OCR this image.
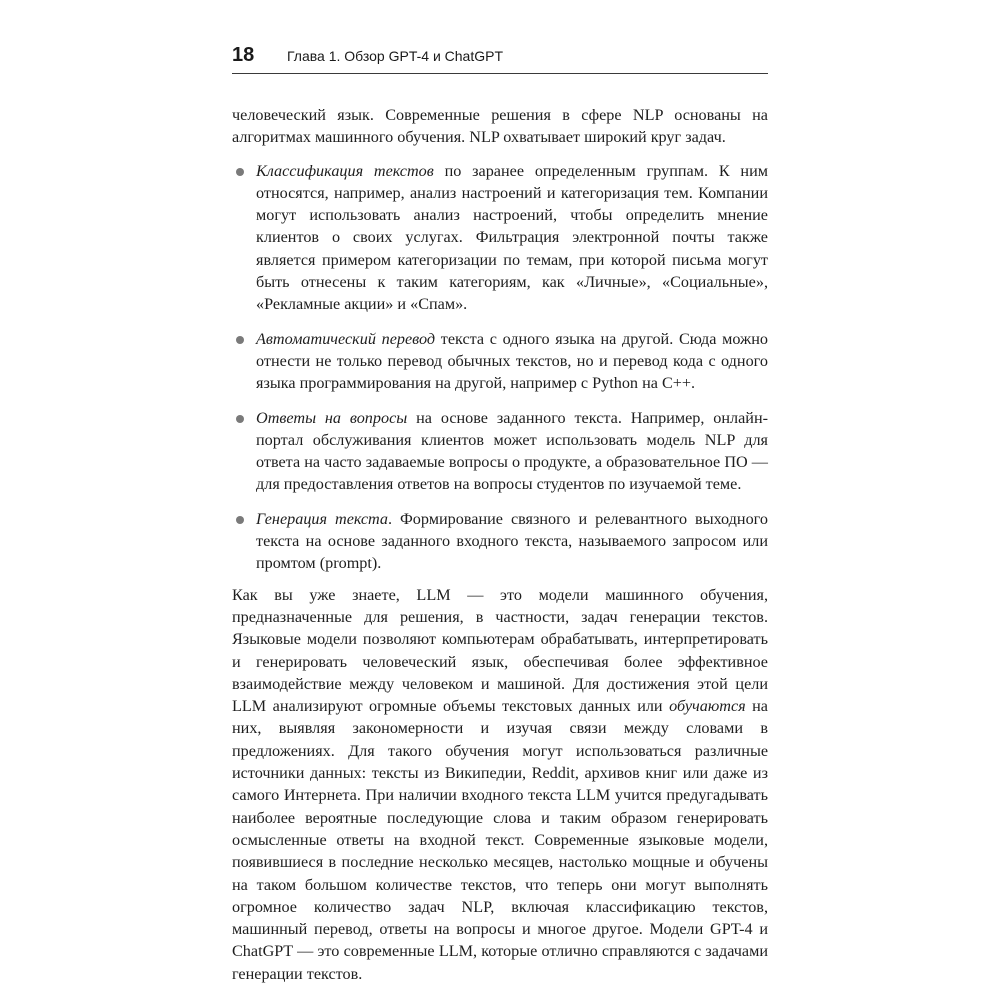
18 Глава 1. Обзор GPT-4 и ChatGPT

человеческий язык. Современные решения в сфере NLP основаны на алгоритмах машинного обучения. NLP охватывает широкий круг задач.

Классификация текстов по заранее определенным группам. К ним относятся, например, анализ настроений и категоризация тем. Компании могут использовать анализ настроений, чтобы определить мнение клиентов о своих услугах. Фильтрация электронной почты также является примером категоризации по темам, при которой письма могут быть отнесены к таким категориям, как «Личные», «Социальные», «Рекламные акции» и «Спам».
Автоматический перевод текста с одного языка на другой. Сюда можно отнести не только перевод обычных текстов, но и перевод кода с одного языка программирования на другой, например с Python на C++.
Ответы на вопросы на основе заданного текста. Например, онлайн-портал обслуживания клиентов может использовать модель NLP для ответа на часто задаваемые вопросы о продукте, а образовательное ПО — для предоставления ответов на вопросы студентов по изучаемой теме.
Генерация текста. Формирование связного и релевантного выходного текста на основе заданного входного текста, называемого запросом или промтом (prompt).

Как вы уже знаете, LLM — это модели машинного обучения, предназначенные для решения, в частности, задач генерации текстов. Языковые модели позволяют компьютерам обрабатывать, интерпретировать и генерировать человеческий язык, обеспечивая более эффективное взаимодействие между человеком и машиной. Для достижения этой цели LLM анализируют огромные объемы текстовых данных или обучаются на них, выявляя закономерности и изучая связи между словами в предложениях. Для такого обучения могут использоваться различные источники данных: тексты из Википедии, Reddit, архивов книг или даже из самого Интернета. При наличии входного текста LLM учится предугадывать наиболее вероятные последующие слова и таким образом генерировать осмысленные ответы на входной текст. Современные языковые модели, появившиеся в последние несколько месяцев, настолько мощные и обучены на таком большом количестве текстов, что теперь они могут выполнять огромное количество задач NLP, включая классификацию текстов, машинный перевод, ответы на вопросы и многое другое. Модели GPT-4 и ChatGPT — это современные LLM, которые отлично справляются с задачами генерации текстов.
